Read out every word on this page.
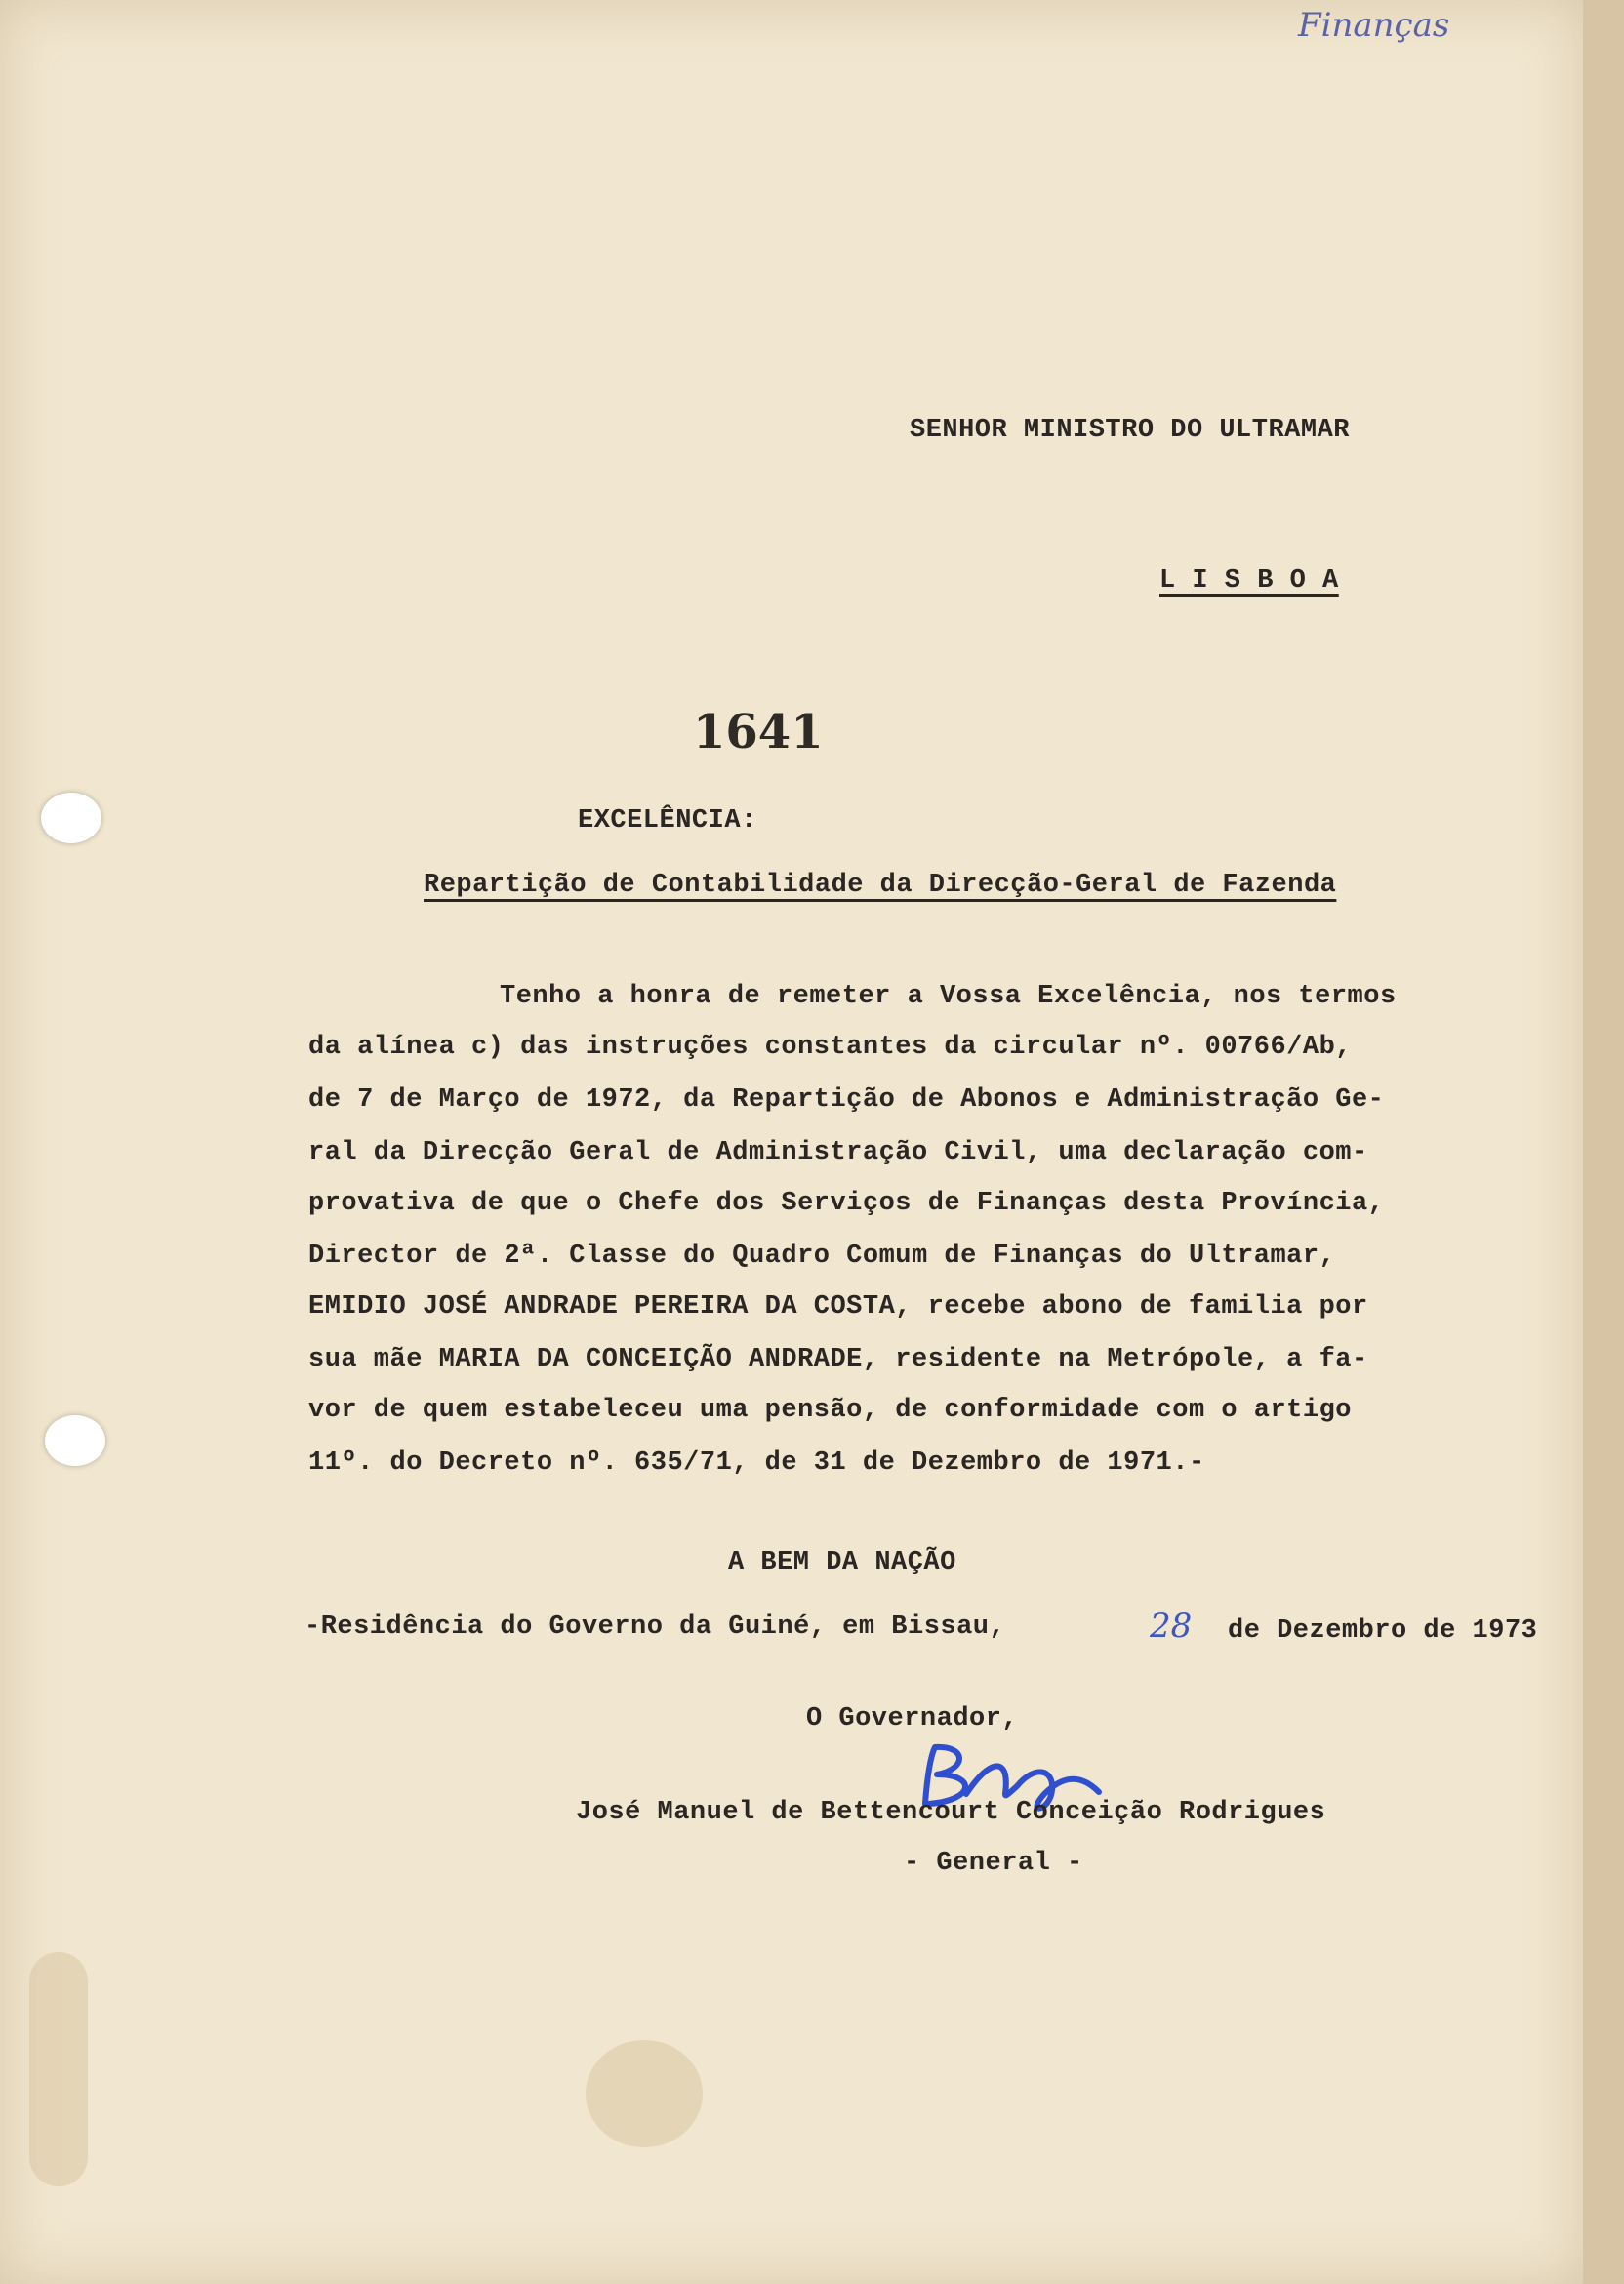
Finanças
SENHOR MINISTRO DO ULTRAMAR
L I S B O A
1641
EXCELÊNCIA:
Repartição de Contabilidade da Direcção-Geral de Fazenda
Tenho a honra de remeter a Vossa Excelência, nos termos
da alínea c) das instruções constantes da circular nº. 00766/Ab,
de 7 de Março de 1972, da Repartição de Abonos e Administração Ge-
ral da Direcção Geral de Administração Civil, uma declaração com-
provativa de que o Chefe dos Serviços de Finanças desta Província,
Director de 2ª. Classe do Quadro Comum de Finanças do Ultramar,
EMIDIO JOSÉ ANDRADE PEREIRA DA COSTA, recebe abono de familia por
sua mãe MARIA DA CONCEIÇÃO ANDRADE, residente na Metrópole, a fa-
vor de quem estabeleceu uma pensão, de conformidade com o artigo
11º. do Decreto nº. 635/71, de 31 de Dezembro de 1971.-
A BEM DA NAÇÃO
-Residência do Governo da Guiné, em Bissau,	28 de Dezembro de 1973
O Governador,
José Manuel de Bettencourt Conceição Rodrigues
- General -
